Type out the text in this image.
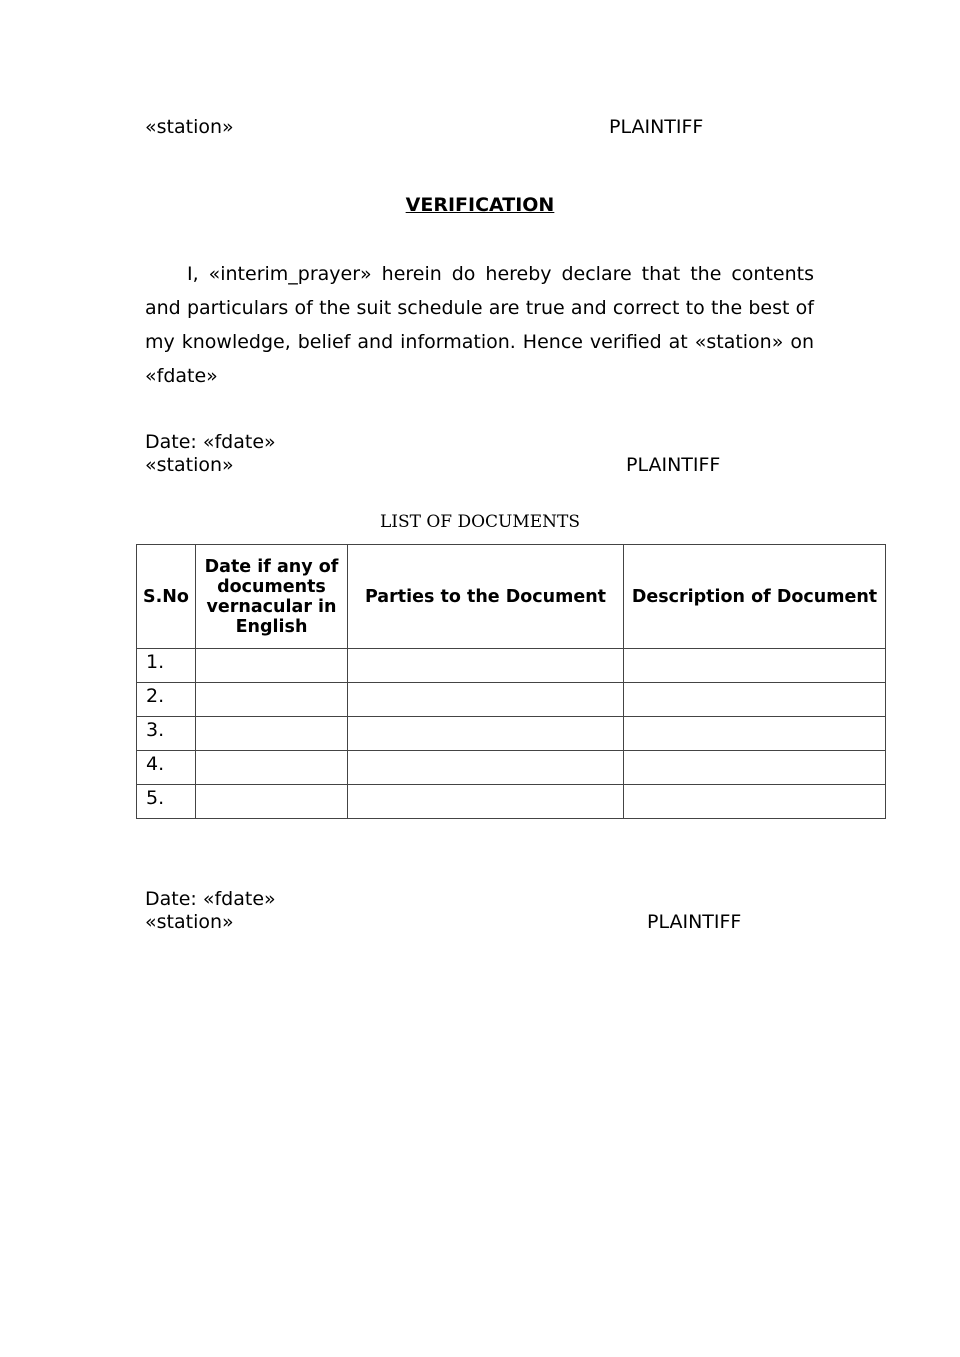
«station»	PLAINTIFF
VERIFICATION
I, «interim_prayer» herein do hereby declare that the contents and particulars of the suit schedule are true and correct to the best of my knowledge, belief and information. Hence verified at «station» on «fdate»
Date: «fdate»
«station»	PLAINTIFF
LIST OF DOCUMENTS
S.No	Date if any of documents vernacular in English	Parties to the Document	Description of Document
1.			
2.			
3.			
4.			
5.			
Date: «fdate»
«station»	PLAINTIFF
